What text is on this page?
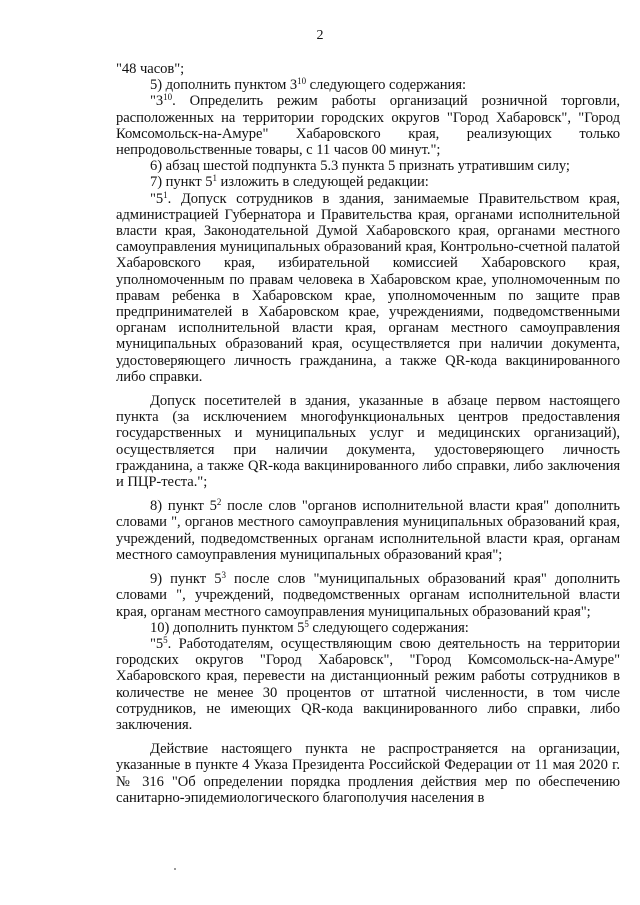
2

"48 часов";

5) дополнить пунктом $3^{10}$ следующего содержания:

"$3^{10}$. Определить режим работы организаций розничной торговли, расположенных на территории городских округов "Город Хабаровск", "Город Комсомольск-на-Амуре" Хабаровского края, реализующих только непродовольственные товары, с 11 часов 00 минут.";

6) абзац шестой подпункта 5.3 пункта 5 признать утратившим силу;

7) пункт $5^1$ изложить в следующей редакции:

"$5^1$. Допуск сотрудников в здания, занимаемые Правительством края, администрацией Губернатора и Правительства края, органами исполнительной власти края, Законодательной Думой Хабаровского края, органами местного самоуправления муниципальных образований края, Контрольно-счетной палатой Хабаровского края, избирательной комиссией Хабаровского края, уполномоченным по правам человека в Хабаровском крае, уполномоченным по правам ребенка в Хабаровском крае, уполномоченным по защите прав предпринимателей в Хабаровском крае, учреждениями, подведомственными органам исполнительной власти края, органам местного самоуправления муниципальных образований края, осуществляется при наличии документа, удостоверяющего личность гражданина, а также QR-кода вакцинированного либо справки.

Допуск посетителей в здания, указанные в абзаце первом настоящего пункта (за исключением многофункциональных центров предоставления государственных и муниципальных услуг и медицинских организаций), осуществляется при наличии документа, удостоверяющего личность гражданина, а также QR-кода вакцинированного либо справки, либо заключения и ПЦР-теста.";

8) пункт $5^2$ после слов "органов исполнительной власти края" дополнить словами ", органов местного самоуправления муниципальных образований края, учреждений, подведомственных органам исполнительной власти края, органам местного самоуправления муниципальных образований края";

9) пункт $5^3$ после слов "муниципальных образований края" дополнить словами ", учреждений, подведомственных органам исполнительной власти края, органам местного самоуправления муниципальных образований края";

10) дополнить пунктом $5^5$ следующего содержания:

"$5^5$. Работодателям, осуществляющим свою деятельность на территории городских округов "Город Хабаровск", "Город Комсомольск-на-Амуре" Хабаровского края, перевести на дистанционный режим работы сотрудников в количестве не менее 30 процентов от штатной численности, в том числе сотрудников, не имеющих QR-кода вакцинированного либо справки, либо заключения.

Действие настоящего пункта не распространяется на организации, указанные в пункте 4 Указа Президента Российской Федерации от 11 мая 2020 г. № 316 "Об определении порядка продления действия мер по обеспечению санитарно-эпидемиологического благополучия населения в
